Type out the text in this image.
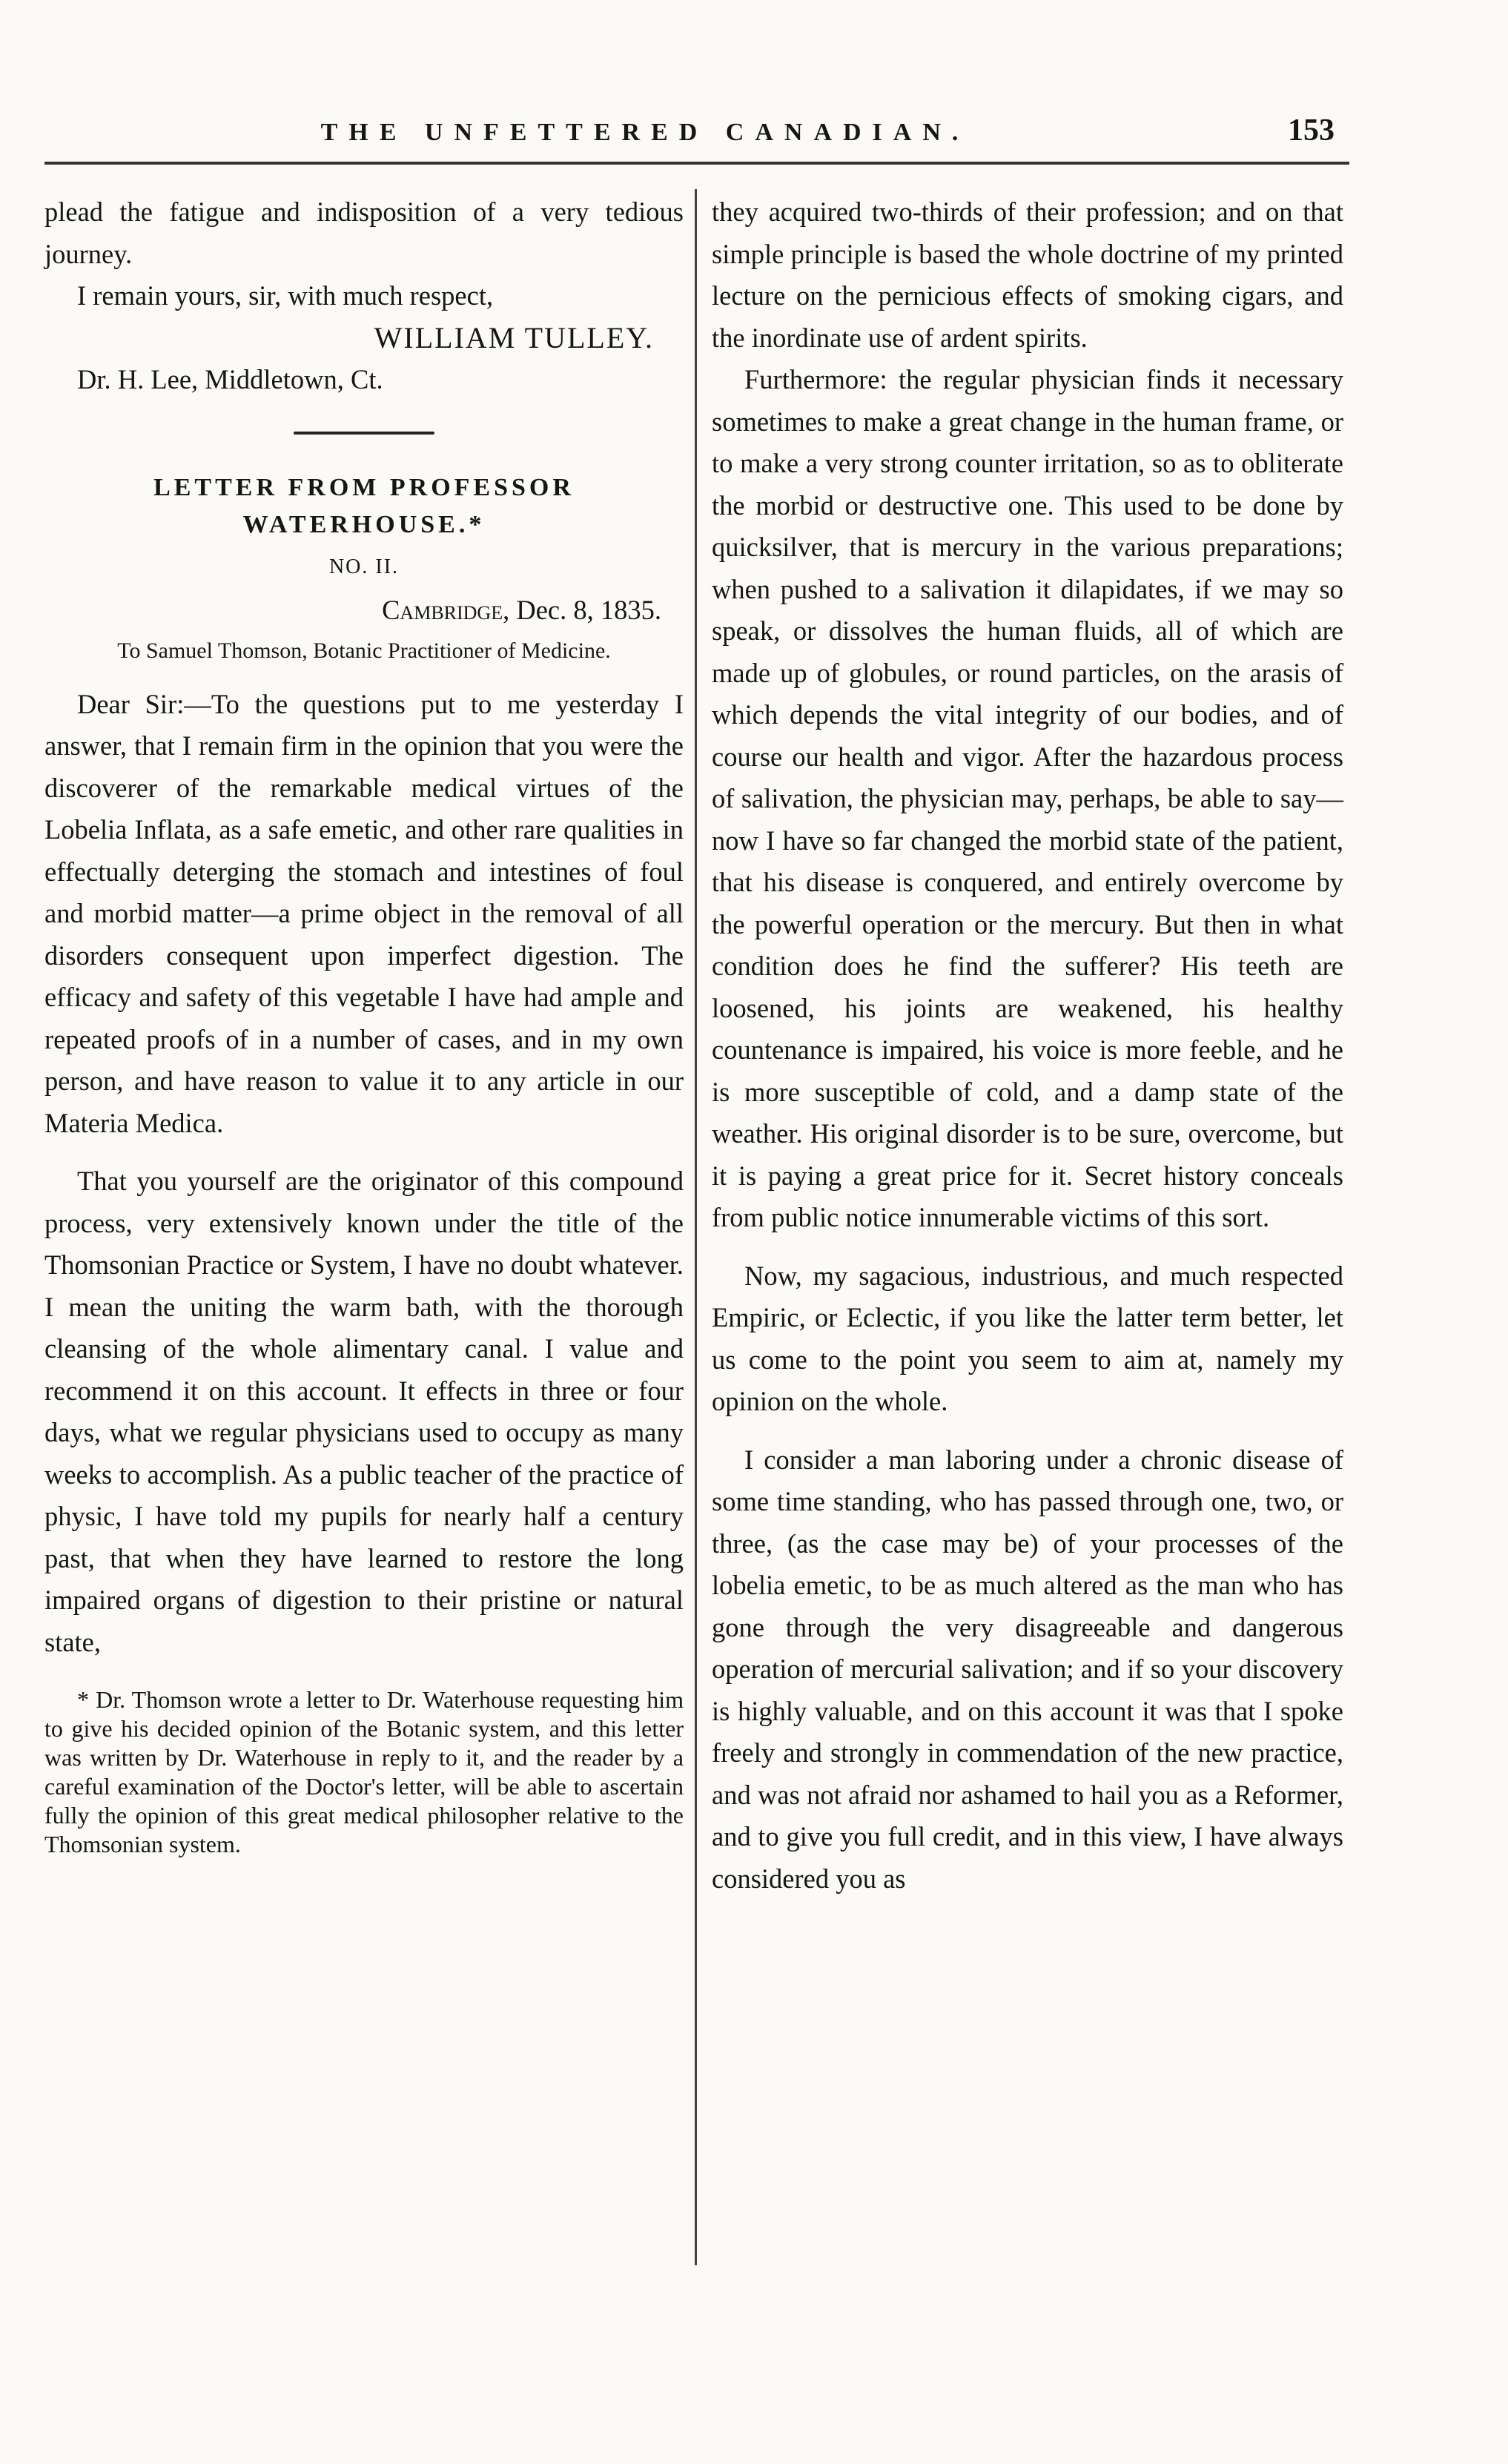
THE UNFETTERED CANADIAN.	153

plead the fatigue and indisposition of a very tedious journey.

I remain yours, sir, with much respect,

WILLIAM TULLEY.

Dr. H. Lee, Middletown, Ct.

LETTER FROM PROFESSOR WATERHOUSE.*
NO. II.
Cambridge, Dec. 8, 1835.
To Samuel Thomson, Botanic Practitioner of Medicine.

Dear Sir:—To the questions put to me yesterday I answer, that I remain firm in the opinion that you were the discoverer of the remarkable medical virtues of the Lobelia Inflata, as a safe emetic, and other rare qualities in effectually deterging the stomach and intestines of foul and morbid matter—a prime object in the removal of all disorders consequent upon imperfect digestion. The efficacy and safety of this vegetable I have had ample and repeated proofs of in a number of cases, and in my own person, and have reason to value it to any article in our Materia Medica.

That you yourself are the originator of this compound process, very extensively known under the title of the Thomsonian Practice or System, I have no doubt whatever. I mean the uniting the warm bath, with the thorough cleansing of the whole alimentary canal. I value and recommend it on this account. It effects in three or four days, what we regular physicians used to occupy as many weeks to accomplish. As a public teacher of the practice of physic, I have told my pupils for nearly half a century past, that when they have learned to restore the long impaired organs of digestion to their pristine or natural state,

* Dr. Thomson wrote a letter to Dr. Waterhouse requesting him to give his decided opinion of the Botanic system, and this letter was written by Dr. Waterhouse in reply to it, and the reader by a careful examination of the Doctor's letter, will be able to ascertain fully the opinion of this great medical philosopher relative to the Thomsonian system.

they acquired two-thirds of their profession; and on that simple principle is based the whole doctrine of my printed lecture on the pernicious effects of smoking cigars, and the inordinate use of ardent spirits.

Furthermore: the regular physician finds it necessary sometimes to make a great change in the human frame, or to make a very strong counter irritation, so as to obliterate the morbid or destructive one. This used to be done by quicksilver, that is mercury in the various preparations; when pushed to a salivation it dilapidates, if we may so speak, or dissolves the human fluids, all of which are made up of globules, or round particles, on the arasis of which depends the vital integrity of our bodies, and of course our health and vigor. After the hazardous process of salivation, the physician may, perhaps, be able to say—now I have so far changed the morbid state of the patient, that his disease is conquered, and entirely overcome by the powerful operation or the mercury. But then in what condition does he find the sufferer? His teeth are loosened, his joints are weakened, his healthy countenance is impaired, his voice is more feeble, and he is more susceptible of cold, and a damp state of the weather. His original disorder is to be sure, overcome, but it is paying a great price for it. Secret history conceals from public notice innumerable victims of this sort.

Now, my sagacious, industrious, and much respected Empiric, or Eclectic, if you like the latter term better, let us come to the point you seem to aim at, namely my opinion on the whole.

I consider a man laboring under a chronic disease of some time standing, who has passed through one, two, or three, (as the case may be) of your processes of the lobelia emetic, to be as much altered as the man who has gone through the very disagreeable and dangerous operation of mercurial salivation; and if so your discovery is highly valuable, and on this account it was that I spoke freely and strongly in commendation of the new practice, and was not afraid nor ashamed to hail you as a Reformer, and to give you full credit, and in this view, I have always considered you as
